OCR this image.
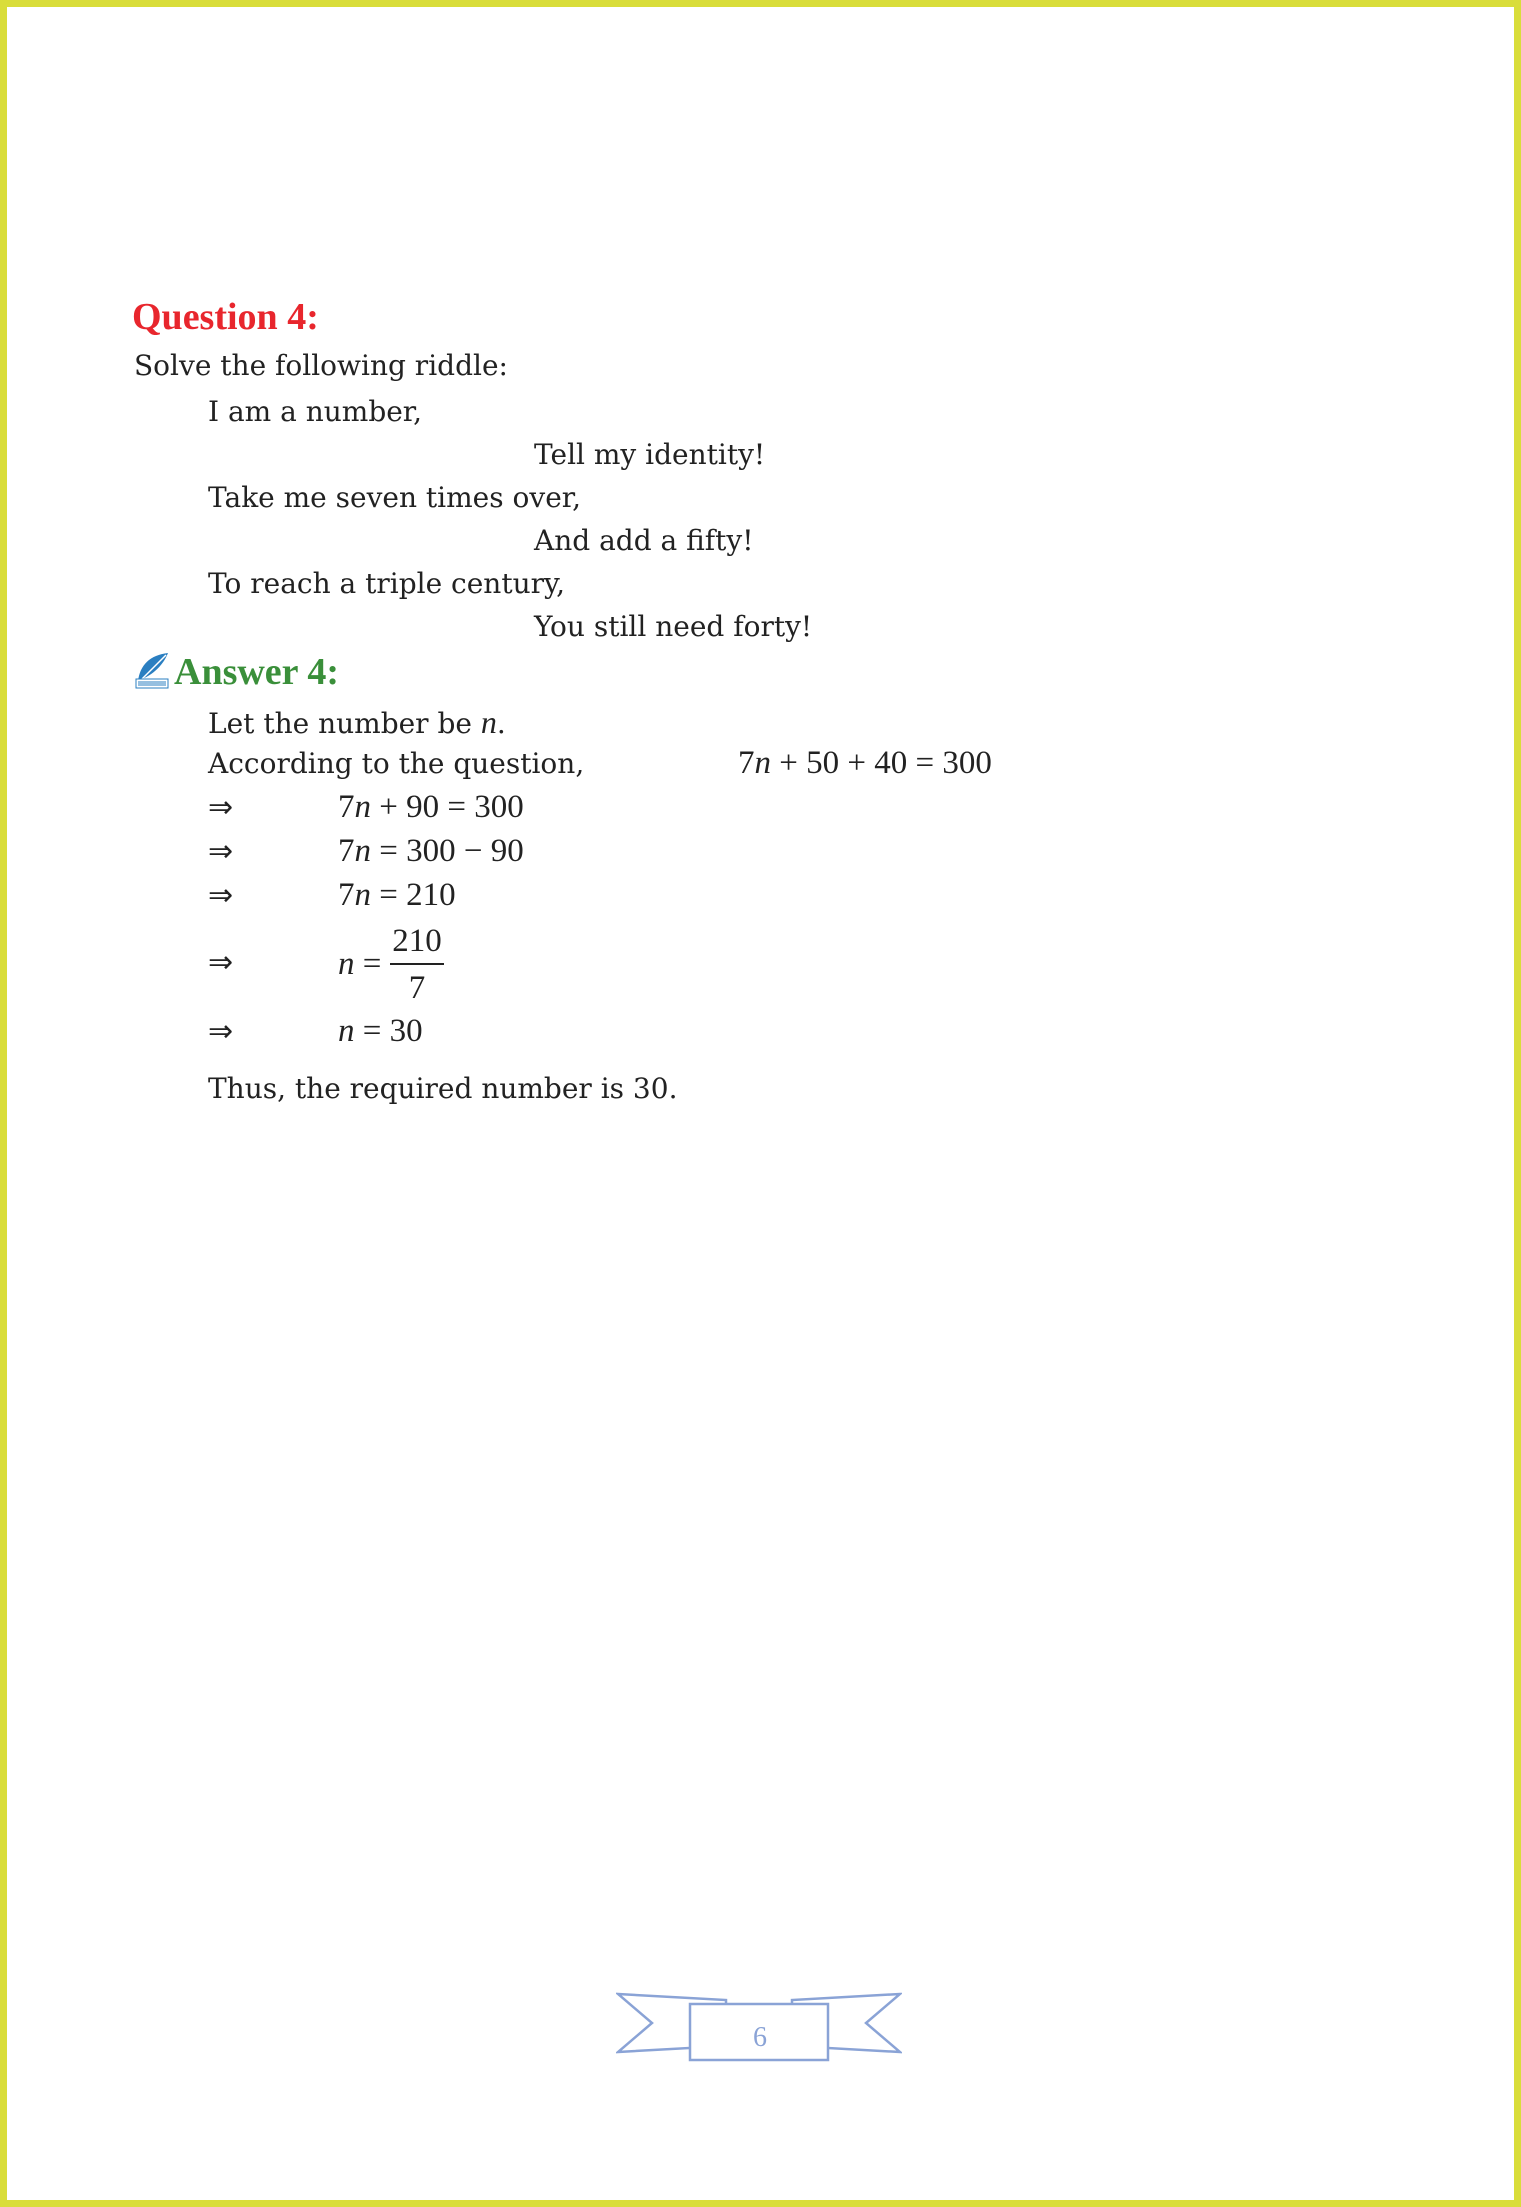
Question 4:
Solve the following riddle:
I am a number,
Tell my identity!
Take me seven times over,
And add a fifty!
To reach a triple century,
You still need forty!
Answer 4:
Let the number be n.
According to the question,	7n + 50 + 40 = 300
⇒	7n + 90 = 300
⇒	7n = 300 − 90
⇒	7n = 210
⇒	n =
210
7
⇒	n = 30
Thus, the required number is 30.
6
